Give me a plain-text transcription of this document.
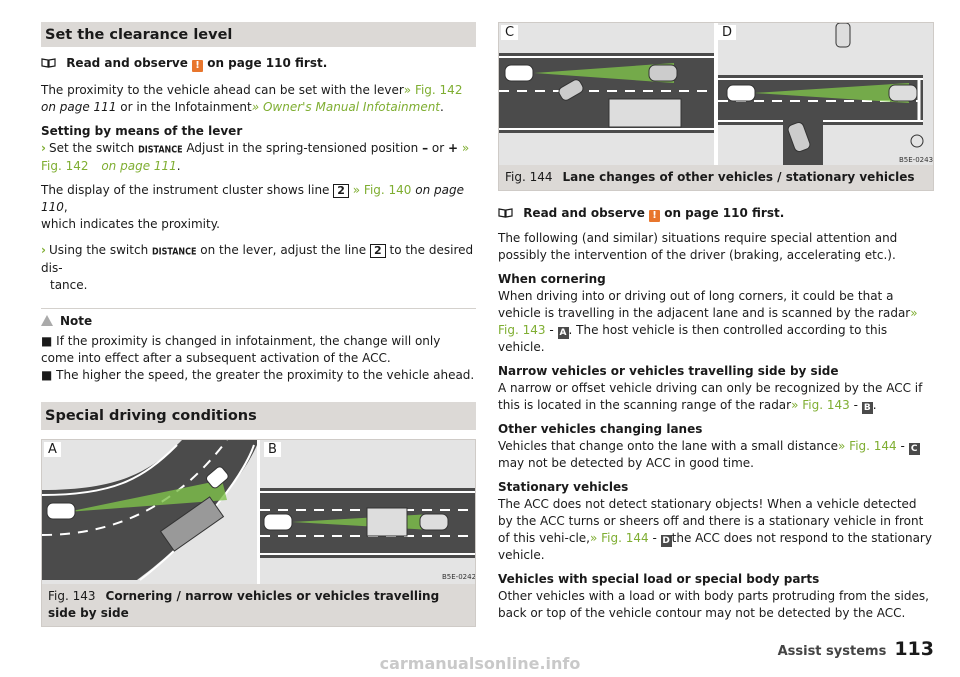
Set the clearance level

Read and observe ! on page 110 first.

The proximity to the vehicle ahead can be set with the lever» Fig. 142 on page 111 or in the Infotainment» Owner's Manual Infotainment.

Setting by means of the lever

› Set the switch DISTANCE Adjust in the spring-tensioned position – or + » Fig. 142 on page 111.

The display of the instrument cluster shows line 2 » Fig. 140 on page 110,
which indicates the proximity.

› Using the switch DISTANCE on the lever, adjust the line 2 to the desired dis-
tance.

Note

■ If the proximity is changed in infotainment, the change will only come into effect after a subsequent activation of the ACC.

■ The higher the speed, the greater the proximity to the vehicle ahead.

Special driving conditions
B5E-0242
A	B
Fig. 143 Cornering / narrow vehicles or vehicles travelling side by side
B5E-0243
C	D
Fig. 144 Lane changes of other vehicles / stationary vehicles

Read and observe ! on page 110 first.

The following (and similar) situations require special attention and possibly the intervention of the driver (braking, accelerating etc.).

When cornering
When driving into or driving out of long corners, it could be that a vehicle is travelling in the adjacent lane and is scanned by the radar» Fig. 143 - A . The host vehicle is then controlled according to this vehicle.

Narrow vehicles or vehicles travelling side by side
A narrow or offset vehicle driving can only be recognized by the ACC if this is located in the scanning range of the radar» Fig. 143 - B .

Other vehicles changing lanes
Vehicles that change onto the lane with a small distance» Fig. 144 - Cmay not be detected by ACC in good time.

Stationary vehicles
The ACC does not detect stationary objects! When a vehicle detected by the ACC turns or sheers off and there is a stationary vehicle in front of this vehi-cle,» Fig. 144 - D the ACC does not respond to the stationary vehicle.

Vehicles with special load or special body parts
Other vehicles with a load or with body parts protruding from the sides, back or top of the vehicle contour may not be detected by the ACC.

Assist systems 113
carmanualsonline.info
